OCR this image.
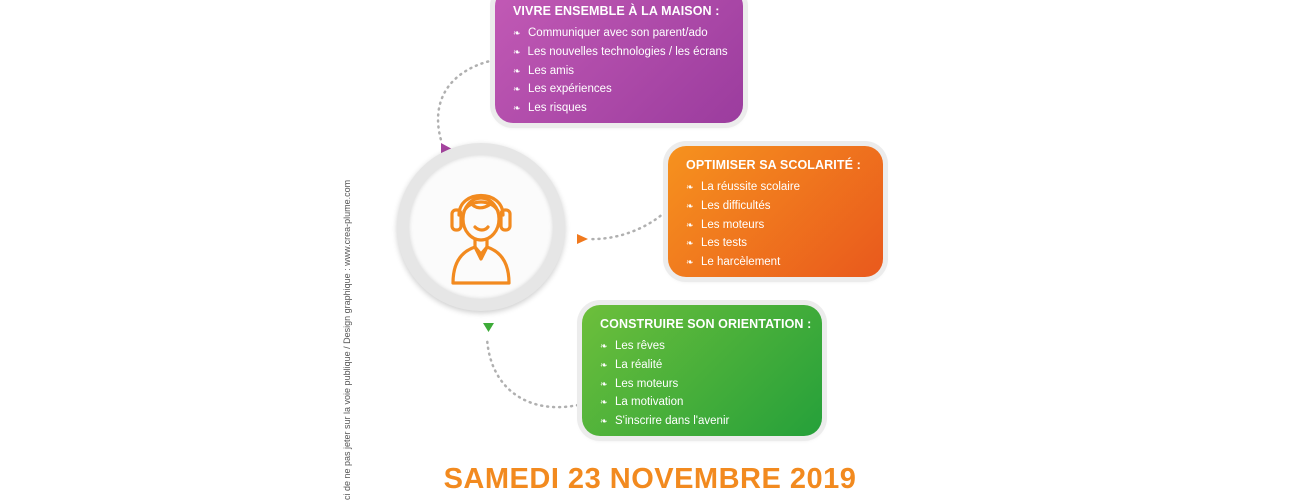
ci de ne pas jeter sur la voie publique / Design graphique : www.crea-plume.com
VIVRE ENSEMBLE À LA MAISON :
❧ Communiquer avec son parent/ado
❧ Les nouvelles technologies / les écrans
❧ Les amis
❧ Les expériences
❧ Les risques
OPTIMISER SA SCOLARITÉ :
❧ La réussite scolaire
❧ Les difficultés
❧ Les moteurs
❧ Les tests
❧ Le harcèlement
CONSTRUIRE SON ORIENTATION :
❧ Les rêves
❧ La réalité
❧ Les moteurs
❧ La motivation
❧ S'inscrire dans l'avenir
SAMEDI 23 NOVEMBRE 2019
